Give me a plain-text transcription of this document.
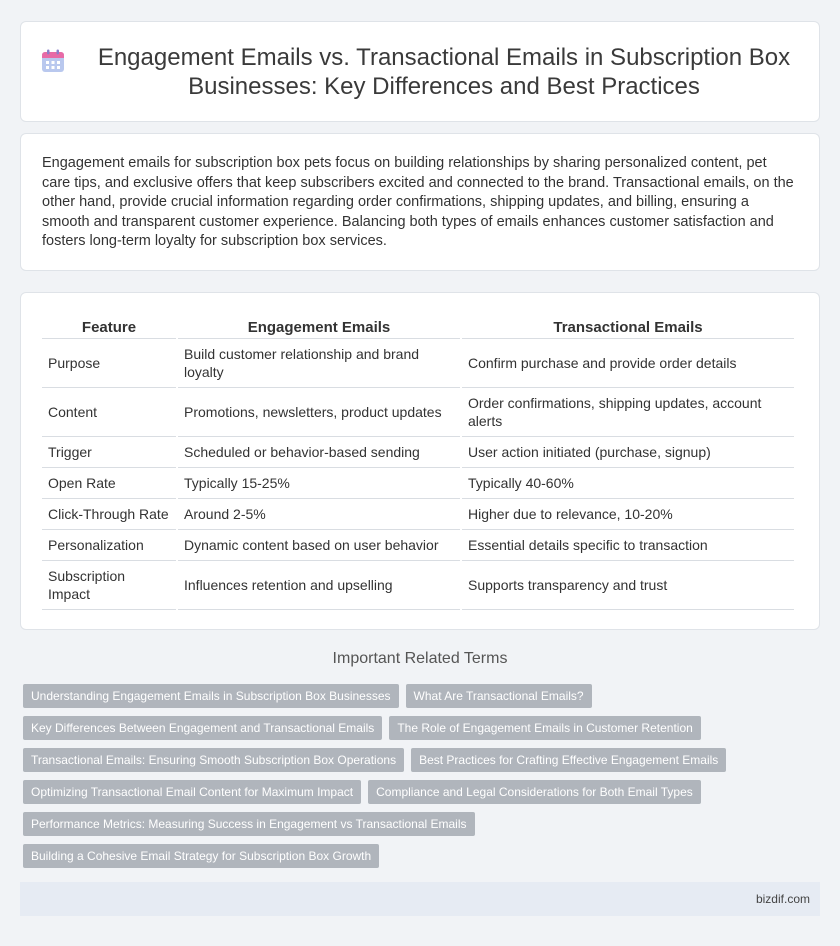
Engagement Emails vs. Transactional Emails in Subscription Box Businesses: Key Differences and Best Practices

Engagement emails for subscription box pets focus on building relationships by sharing personalized content, pet care tips, and exclusive offers that keep subscribers excited and connected to the brand. Transactional emails, on the other hand, provide crucial information regarding order confirmations, shipping updates, and billing, ensuring a smooth and transparent customer experience. Balancing both types of emails enhances customer satisfaction and fosters long-term loyalty for subscription box services.

Feature	Engagement Emails	Transactional Emails
Purpose	Build customer relationship and brand loyalty	Confirm purchase and provide order details
Content	Promotions, newsletters, product updates	Order confirmations, shipping updates, account alerts
Trigger	Scheduled or behavior-based sending	User action initiated (purchase, signup)
Open Rate	Typically 15-25%	Typically 40-60%
Click-Through Rate	Around 2-5%	Higher due to relevance, 10-20%
Personalization	Dynamic content based on user behavior	Essential details specific to transaction
Subscription Impact	Influences retention and upselling	Supports transparency and trust
Important Related Terms
Understanding Engagement Emails in Subscription Box Businesses	What Are Transactional Emails?
Key Differences Between Engagement and Transactional Emails	The Role of Engagement Emails in Customer Retention
Transactional Emails: Ensuring Smooth Subscription Box Operations	Best Practices for Crafting Effective Engagement Emails
Optimizing Transactional Email Content for Maximum Impact	Compliance and Legal Considerations for Both Email Types
Performance Metrics: Measuring Success in Engagement vs Transactional Emails
Building a Cohesive Email Strategy for Subscription Box Growth
bizdif.com
